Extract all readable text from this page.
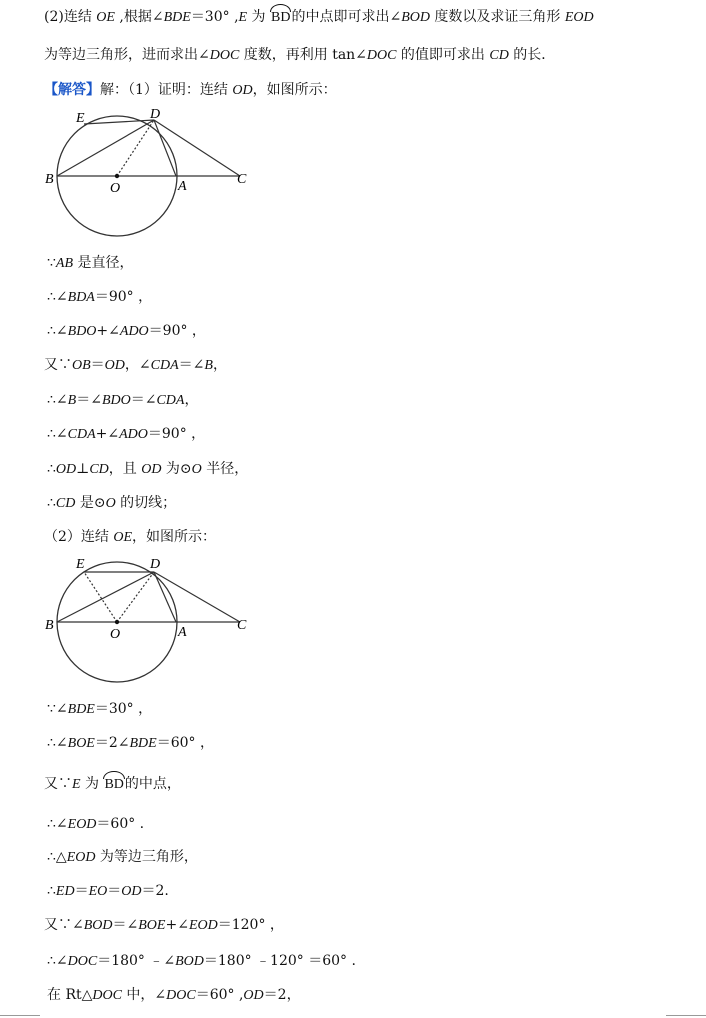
(2)连结 OE ,根据∠BDE＝30° ,E 为 BD的中点即可求出∠BOD 度数以及求证三角形 EOD
为等边三角形，进而求出∠DOC 度数，再利用 tan∠DOC 的值即可求出 CD 的长．
【解答】解：（1）证明：连结 OD，如图所示：
E	D
B
O	A	C
∵AB 是直径，
∴∠BDA＝90° ，
∴∠BDO+∠ADO＝90° ，
又∵OB＝OD，∠CDA＝∠B，
∴∠B＝∠BDO＝∠CDA，
∴∠CDA+∠ADO＝90° ，
∴OD⊥CD，且 OD 为⊙O 半径，
∴CD 是⊙O 的切线；
（2）连结 OE，如图所示：
E	D
B
O	A	C
∵∠BDE＝30° ，
∴∠BOE＝2∠BDE＝60° ，
又∵E 为 BD的中点，
∴∠EOD＝60° .
∴△EOD 为等边三角形，
∴ED＝EO＝OD＝2.
又∵∠BOD＝∠BOE+∠EOD＝120° ，
∴∠DOC＝180° ﹣∠BOD＝180° ﹣120° ＝60° .
在 Rt△DOC 中，∠DOC＝60° ,OD＝2，
